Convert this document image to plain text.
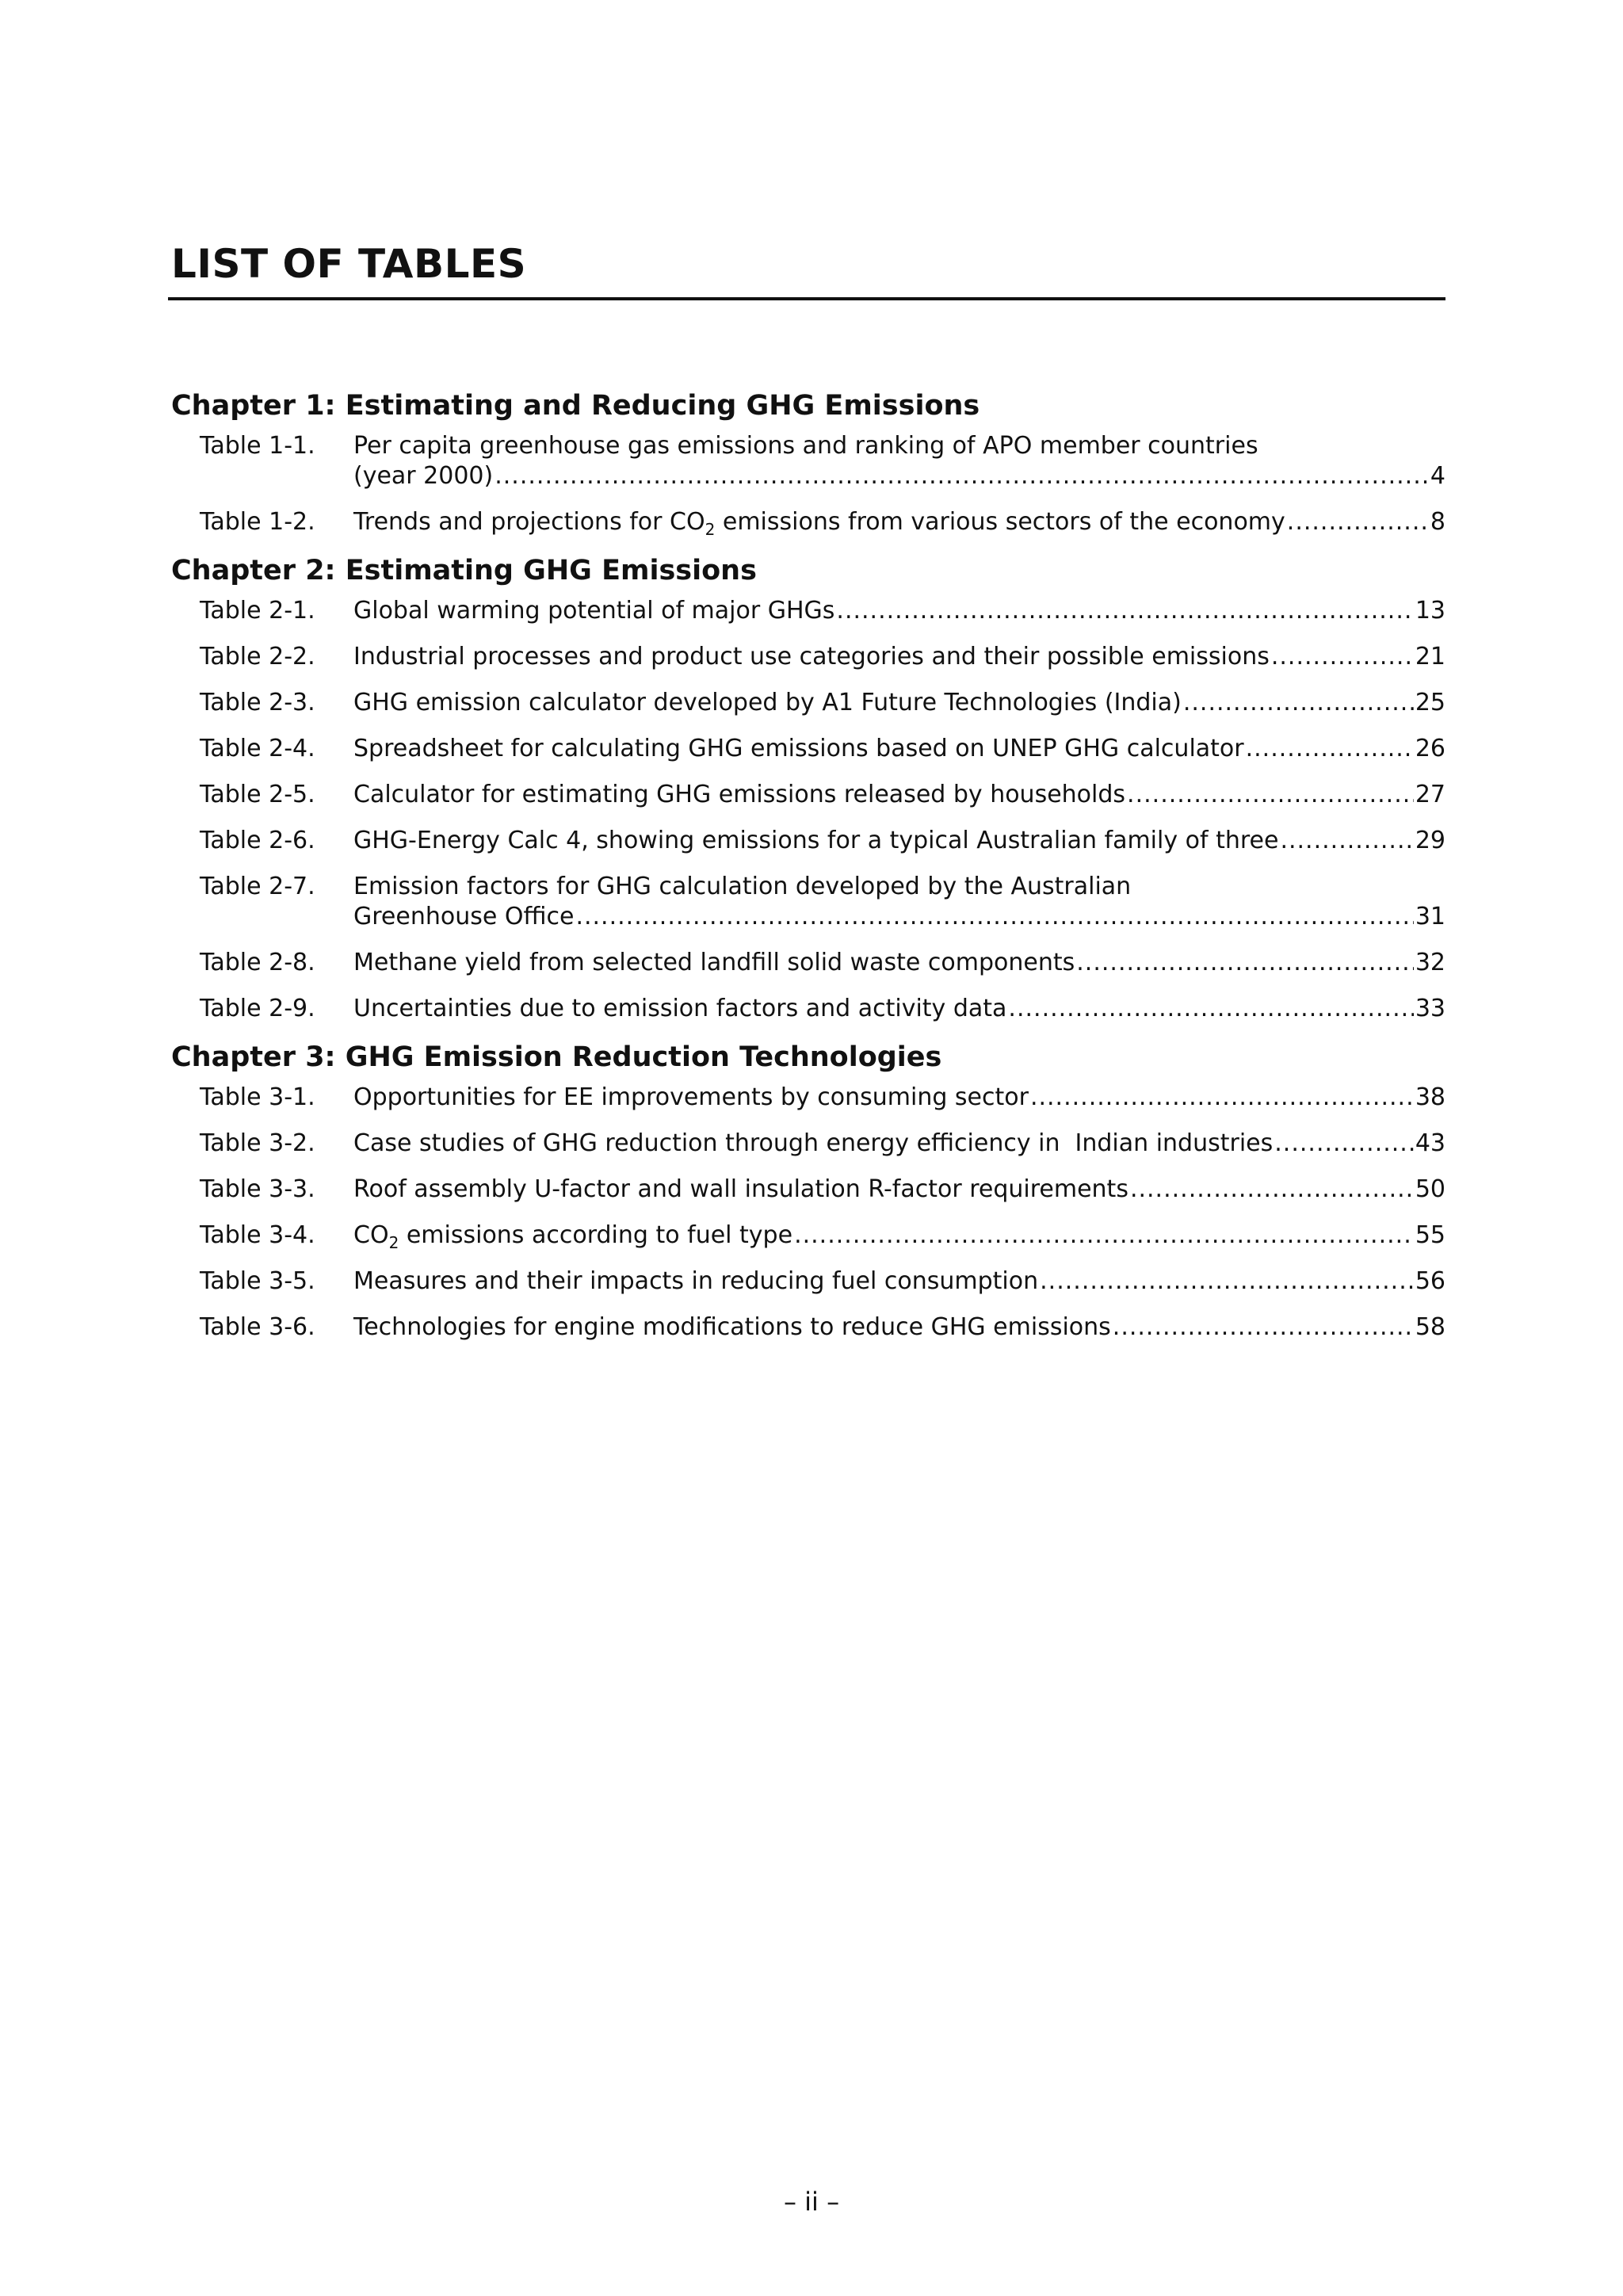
LIST OF TABLES
Chapter 1: Estimating and Reducing GHG Emissions
Table 1-1.	Per capita greenhouse gas emissions and ranking of APO member countries
(year 2000) .....	4
Table 1-2.	Trends and projections for $CO_2$ emissions from various sectors of the economy .....	8
Chapter 2: Estimating GHG Emissions
Table 2-1.	Global warming potential of major GHGs .....	13
Table 2-2.	Industrial processes and product use categories and their possible emissions .....	21
Table 2-3.	GHG emission calculator developed by A1 Future Technologies (India) .....	25
Table 2-4.	Spreadsheet for calculating GHG emissions based on UNEP GHG calculator .....	26
Table 2-5.	Calculator for estimating GHG emissions released by households .....	27
Table 2-6.	GHG-Energy Calc 4, showing emissions for a typical Australian family of three .....	29
Table 2-7.	Emission factors for GHG calculation developed by the Australian
Greenhouse Office .....	31
Table 2-8.	Methane yield from selected landfill solid waste components .....	32
Table 2-9.	Uncertainties due to emission factors and activity data .....	33
Chapter 3: GHG Emission Reduction Technologies
Table 3-1.	Opportunities for EE improvements by consuming sector .....	38
Table 3-2.	Case studies of GHG reduction through energy efficiency in  Indian industries .....	43
Table 3-3.	Roof assembly U-factor and wall insulation R-factor requirements .....	50
Table 3-4.	$CO_2$ emissions according to fuel type .....	55
Table 3-5.	Measures and their impacts in reducing fuel consumption .....	56
Table 3-6.	Technologies for engine modifications to reduce GHG emissions .....	58
– ii –
